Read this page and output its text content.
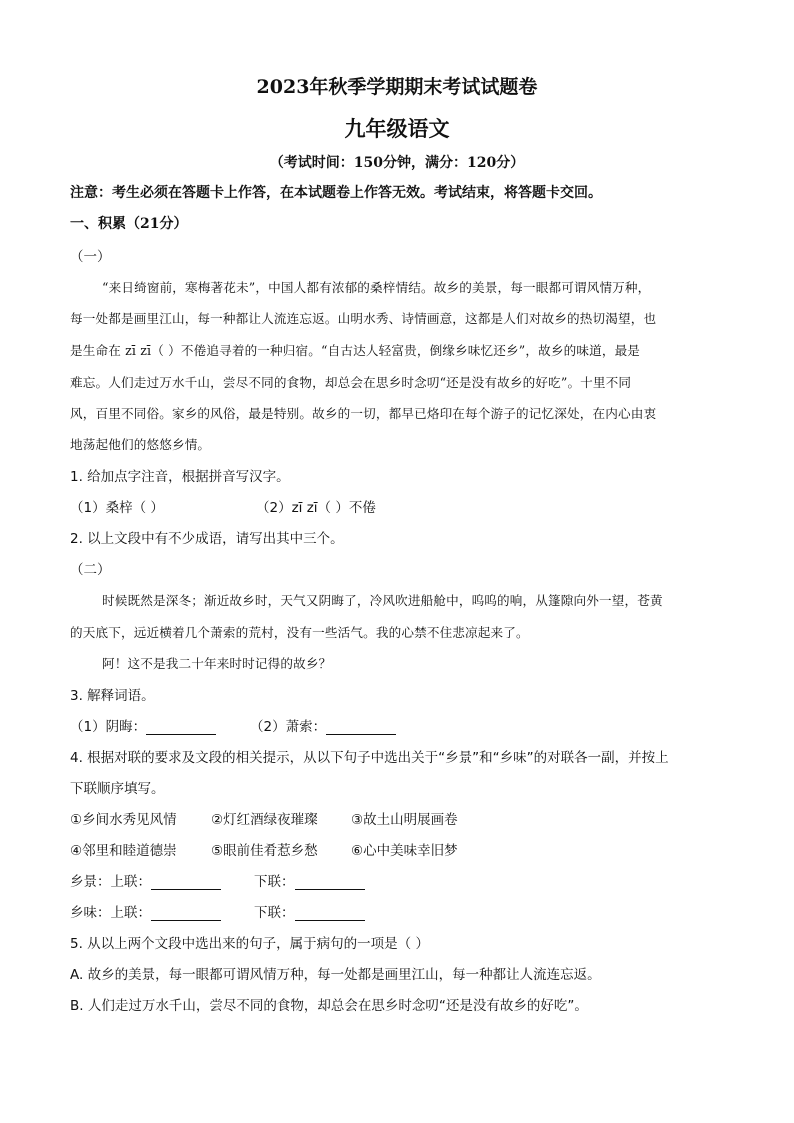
2023年秋季学期期末考试试题卷
九年级语文
（考试时间：150分钟，满分：120分）
注意：考生必须在答题卡上作答，在本试题卷上作答无效。考试结束，将答题卡交回。
一、积累（21分）
（一）
“来日绮窗前，寒梅著花未”，中国人都有浓郁的桑梓情结。故乡的美景，每一眼都可谓风情万种，
每一处都是画里江山，每一种都让人流连忘返。山明水秀、诗情画意，这都是人们对故乡的热切渴望，也
是生命在 zī zī（ ）不倦追寻着的一种归宿。“自古达人轻富贵，倒缘乡味忆还乡”，故乡的味道，最是
难忘。人们走过万水千山，尝尽不同的食物，却总会在思乡时念叨“还是没有故乡的好吃”。十里不同
风，百里不同俗。家乡的风俗，最是特别。故乡的一切，都早已烙印在每个游子的记忆深处，在内心由衷
地荡起他们的悠悠乡情。
1. 给加点字注音，根据拼音写汉字。
（1）桑梓（ ）	（2）zī zī（ ）不倦
2. 以上文段中有不少成语，请写出其中三个。
（二）
时候既然是深冬；渐近故乡时，天气又阴晦了，冷风吹进船舱中，呜呜的响，从篷隙向外一望，苍黄
的天底下，远近横着几个萧索的荒村，没有一些活气。我的心禁不住悲凉起来了。
阿！这不是我二十年来时时记得的故乡？
3. 解释词语。
（1）阴晦：	（2）萧索：
4. 根据对联的要求及文段的相关提示，从以下句子中选出关于“乡景”和“乡味”的对联各一副，并按上
下联顺序填写。
①乡间水秀见风情	②灯红酒绿夜璀璨 ③故土山明展画卷
④邻里和睦道德崇	⑤眼前佳肴惹乡愁 ⑥心中美味幸旧梦
乡景：上联：	下联：
乡味：上联：	下联：
5. 从以上两个文段中选出来的句子，属于病句的一项是（ ）
A. 故乡的美景，每一眼都可谓风情万种，每一处都是画里江山，每一种都让人流连忘返。
B. 人们走过万水千山，尝尽不同的食物，却总会在思乡时念叨“还是没有故乡的好吃”。
